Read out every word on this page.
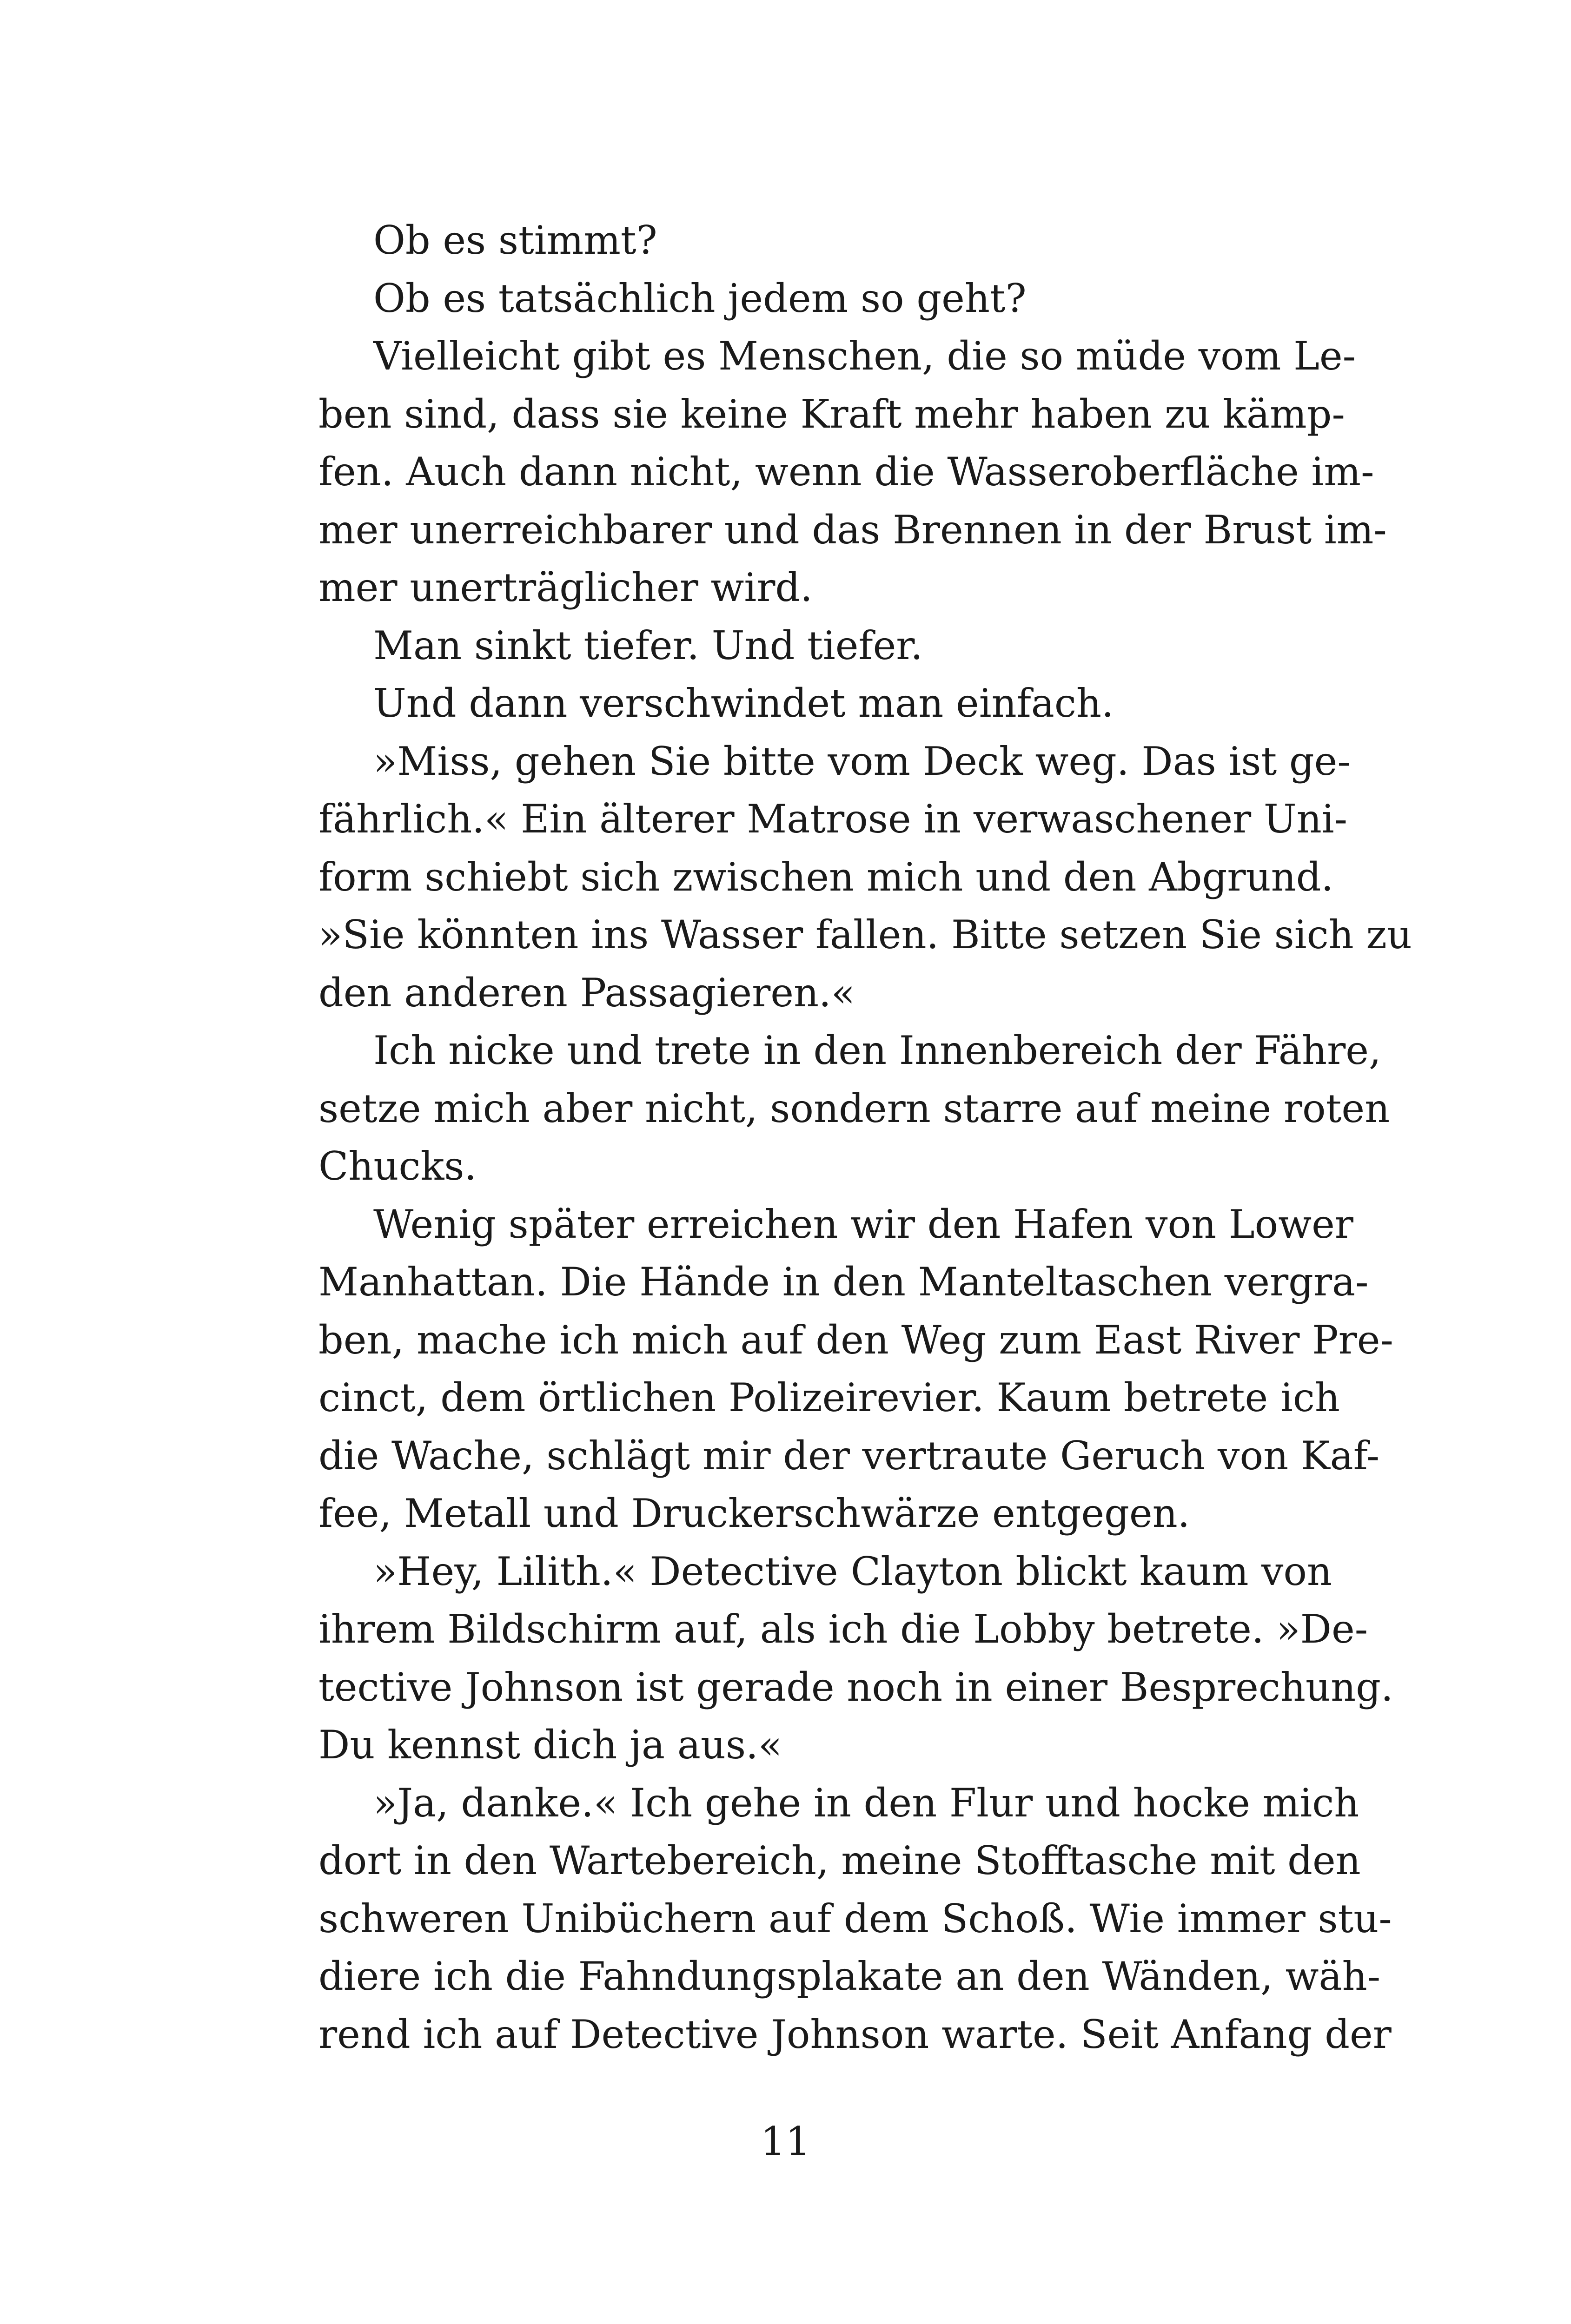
Ob es stimmt?
Ob es tatsächlich jedem so geht?
Vielleicht gibt es Menschen, die so müde vom Le-
ben sind, dass sie keine Kraft mehr haben zu kämp-
fen. Auch dann nicht, wenn die Wasseroberfläche im-
mer unerreichbarer und das Brennen in der Brust im-
mer unerträglicher wird.
Man sinkt tiefer. Und tiefer.
Und dann verschwindet man einfach.
»Miss, gehen Sie bitte vom Deck weg. Das ist ge-
fährlich.« Ein älterer Matrose in verwaschener Uni-
form schiebt sich zwischen mich und den Abgrund.
»Sie könnten ins Wasser fallen. Bitte setzen Sie sich zu
den anderen Passagieren.«
Ich nicke und trete in den Innenbereich der Fähre,
setze mich aber nicht, sondern starre auf meine roten
Chucks.
Wenig später erreichen wir den Hafen von Lower
Manhattan. Die Hände in den Manteltaschen vergra-
ben, mache ich mich auf den Weg zum East River Pre-
cinct, dem örtlichen Polizeirevier. Kaum betrete ich
die Wache, schlägt mir der vertraute Geruch von Kaf-
fee, Metall und Druckerschwärze entgegen.
»Hey, Lilith.« Detective Clayton blickt kaum von
ihrem Bildschirm auf, als ich die Lobby betrete. »De-
tective Johnson ist gerade noch in einer Besprechung.
Du kennst dich ja aus.«
»Ja, danke.« Ich gehe in den Flur und hocke mich
dort in den Wartebereich, meine Stofftasche mit den
schweren Unibüchern auf dem Schoß. Wie immer stu-
diere ich die Fahndungsplakate an den Wänden, wäh-
rend ich auf Detective Johnson warte. Seit Anfang der
11
